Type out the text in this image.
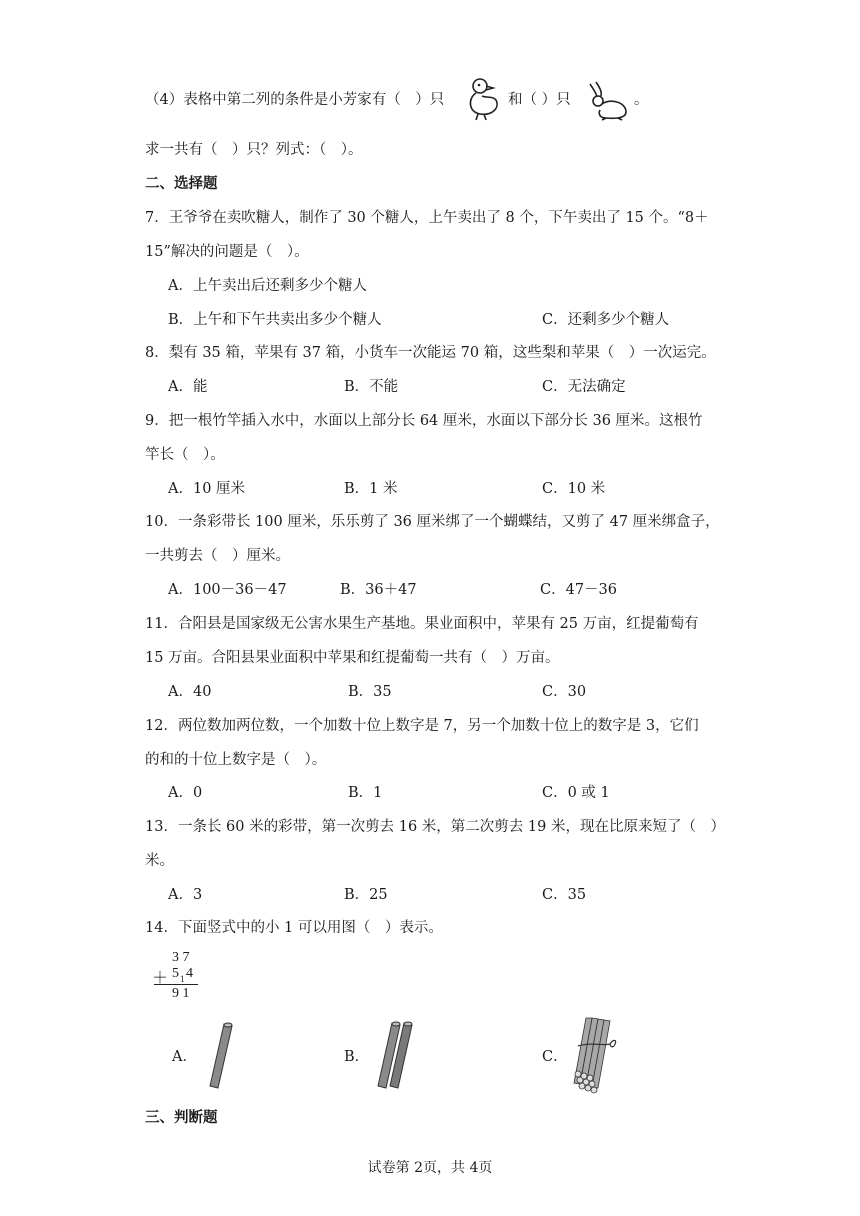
（4）表格中第二列的条件是小芳家有（　）只	和（ ）只	。
求一共有（　）只？列式：（　）。
二、选择题
7．王爷爷在卖吹糖人，制作了 30 个糖人，上午卖出了 8 个，下午卖出了 15 个。“8＋
15”解决的问题是（　）。
A．上午卖出后还剩多少个糖人
B．上午和下午共卖出多少个糖人	C．还剩多少个糖人
8．梨有 35 箱，苹果有 37 箱，小货车一次能运 70 箱，这些梨和苹果（　）一次运完。
A．能	B．不能	C．无法确定
9．把一根竹竿插入水中，水面以上部分长 64 厘米，水面以下部分长 36 厘米。这根竹
竿长（　）。
A．10 厘米	B．1 米	C．10 米
10．一条彩带长 100 厘米，乐乐剪了 36 厘米绑了一个蝴蝶结，又剪了 47 厘米绑盒子，
一共剪去（　）厘米。
A．100－36－47	B．36＋47	C．47－36
11．合阳县是国家级无公害水果生产基地。果业面积中，苹果有 25 万亩，红提葡萄有
15 万亩。合阳县果业面积中苹果和红提葡萄一共有（　）万亩。
A．40	B．35	C．30
12．两位数加两位数，一个加数十位上数字是 7，另一个加数十位上的数字是 3，它们
的和的十位上数字是（　）。
A．0	B．1	C．0 或 1
13．一条长 60 米的彩带，第一次剪去 16 米，第二次剪去 19 米，现在比原来短了（　）
米。
A．3	B．25	C．35
14．下面竖式中的小 1 可以用图（　）表示。
3 7
＋ 5 1 4
9 1
A．	B．	C．
三、判断题
试卷第 2页，共 4页
